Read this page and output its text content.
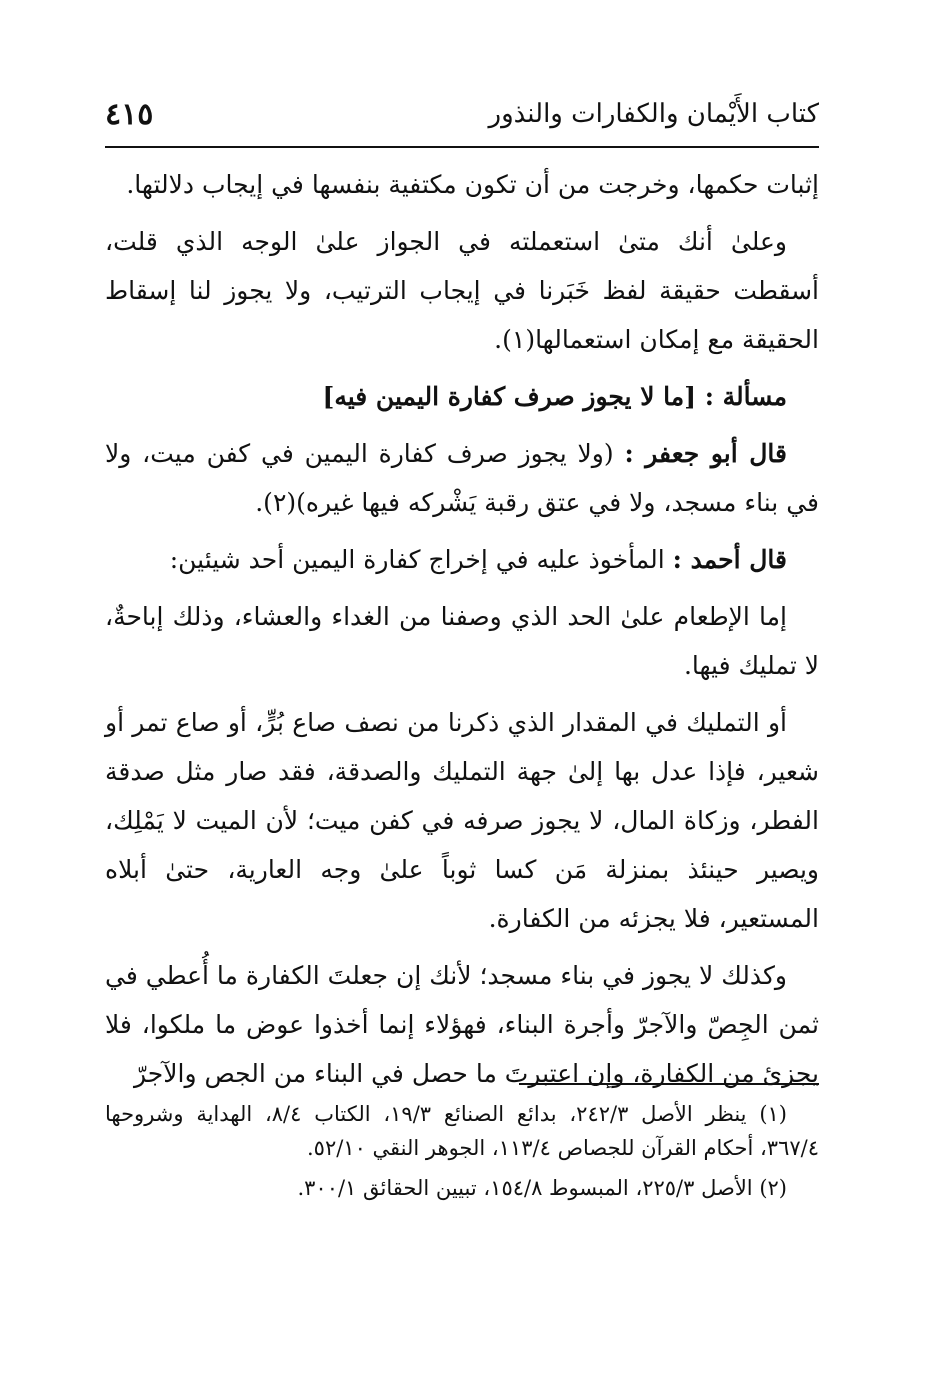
كتاب الأَيْمان والكفارات والنذور
٤١٥

إثبات حكمها، وخرجت من أن تكون مكتفية بنفسها في إيجاب دلالتها.

وعلىٰ أنك متىٰ استعملته في الجواز علىٰ الوجه الذي قلت، أسقطت حقيقة لفظ خَبَرنا في إيجاب الترتيب، ولا يجوز لنا إسقاط الحقيقة مع إمكان استعمالها(١).

مسألة : [ما لا يجوز صرف كفارة اليمين فيه]

قال أبو جعفر : (ولا يجوز صرف كفارة اليمين في كفن ميت، ولا في بناء مسجد، ولا في عتق رقبة يَشْركه فيها غيره)(٢).

قال أحمد : المأخوذ عليه في إخراج كفارة اليمين أحد شيئين:

إما الإطعام علىٰ الحد الذي وصفنا من الغداء والعشاء، وذلك إباحةٌ، لا تمليك فيها.

أو التمليك في المقدار الذي ذكرنا من نصف صاع بُرٍّ، أو صاع تمر أو شعير، فإذا عدل بها إلىٰ جهة التمليك والصدقة، فقد صار مثل صدقة الفطر، وزكاة المال، لا يجوز صرفه في كفن ميت؛ لأن الميت لا يَمْلِك، ويصير حينئذ بمنزلة مَن كسا ثوباً علىٰ وجه العارية، حتىٰ أبلاه المستعير، فلا يجزئه من الكفارة.

وكذلك لا يجوز في بناء مسجد؛ لأنك إن جعلتَ الكفارة ما أُعطي في ثمن الجِصّ والآجرّ وأجرة البناء، فهؤلاء إنما أخذوا عوض ما ملكوا، فلا يجزئ من الكفارة، وإن اعتبرتَ ما حصل في البناء من الجص والآجرّ

(١) ينظر الأصل ٢٤٢/٣، بدائع الصنائع ١٩/٣، الكتاب ٨/٤، الهداية وشروحها ٣٦٧/٤، أحكام القرآن للجصاص ١١٣/٤، الجوهر النقي ٥٢/١٠.

(٢) الأصل ٢٢٥/٣، المبسوط ١٥٤/٨، تبيين الحقائق ٣٠٠/١.
